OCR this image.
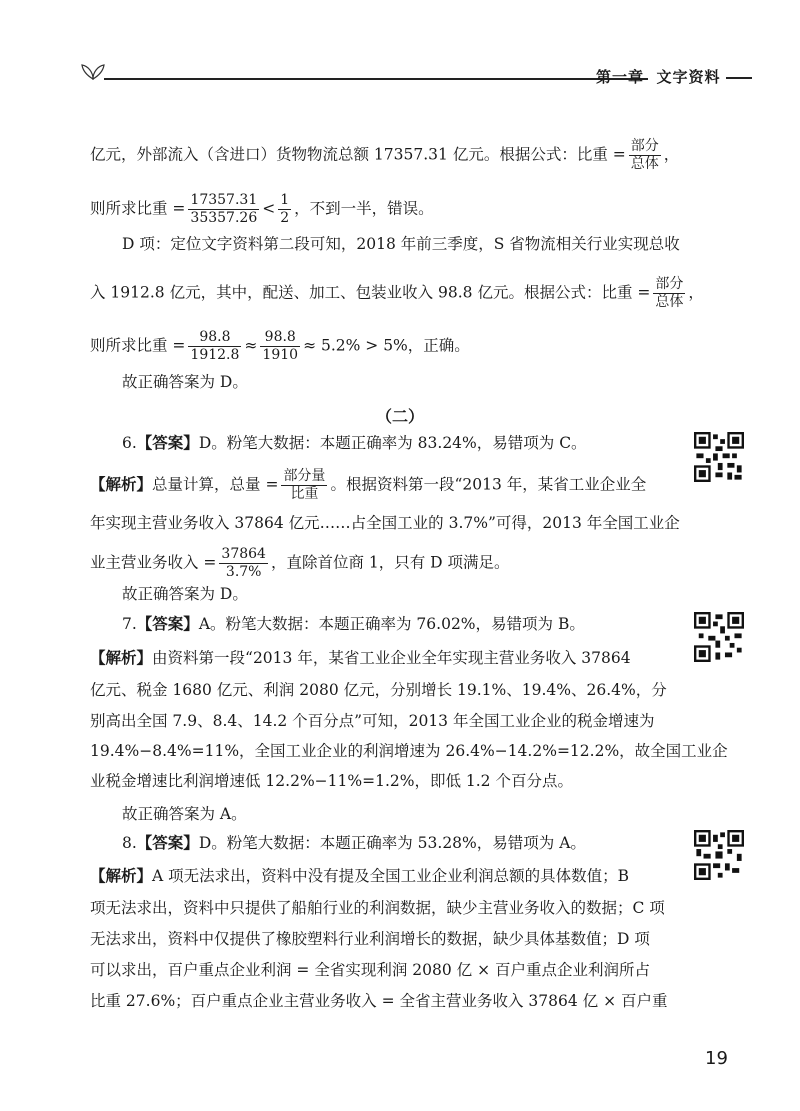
第一章 文字资料
亿元，外部流入（含进口）货物物流总额 17357.31 亿元。根据公式：比重 = $\frac{\text{部分}}{\text{总体}}$ ，
则所求比重 = $\frac{17357.31}{35357.26} < \frac{1}{2}$ ，不到一半，错误。
D 项：定位文字资料第二段可知，2018 年前三季度，S 省物流相关行业实现总收
入 1912.8 亿元，其中，配送、加工、包装业收入 98.8 亿元。根据公式：比重 = $\frac{\text{部分}}{\text{总体}}$ ，
则所求比重 = $\frac{98.8}{1912.8} \approx \frac{98.8}{1910} \approx 5.2\% > 5\%$，正确。
故正确答案为 D。
（二）
6.【答案】D。粉笔大数据：本题正确率为 83.24%，易错项为 C。
【解析】总量计算，总量 = $\frac{\text{部分量}}{\text{比重}}$ 。根据资料第一段“2013 年，某省工业企业全
年实现主营业务收入 37864 亿元……占全国工业的 3.7%”可得，2013 年全国工业企
业主营业务收入 = $\frac{37864}{3.7\%}$ ，直除首位商 1，只有 D 项满足。
故正确答案为 D。
7.【答案】A。粉笔大数据：本题正确率为 76.02%，易错项为 B。
【解析】由资料第一段“2013 年，某省工业企业全年实现主营业务收入 37864
亿元、税金 1680 亿元、利润 2080 亿元，分别增长 19.1%、19.4%、26.4%，分
别高出全国 7.9、8.4、14.2 个百分点”可知，2013 年全国工业企业的税金增速为
19.4%−8.4%=11%，全国工业企业的利润增速为 26.4%−14.2%=12.2%，故全国工业企
业税金增速比利润增速低 12.2%−11%=1.2%，即低 1.2 个百分点。
故正确答案为 A。
8.【答案】D。粉笔大数据：本题正确率为 53.28%，易错项为 A。
【解析】A 项无法求出，资料中没有提及全国工业企业利润总额的具体数值；B
项无法求出，资料中只提供了船舶行业的利润数据，缺少主营业务收入的数据；C 项
无法求出，资料中仅提供了橡胶塑料行业利润增长的数据，缺少具体基数值；D 项
可以求出，百户重点企业利润 = 全省实现利润 2080 亿 × 百户重点企业利润所占
比重 27.6%；百户重点企业主营业务收入 = 全省主营业务收入 37864 亿 × 百户重
19
